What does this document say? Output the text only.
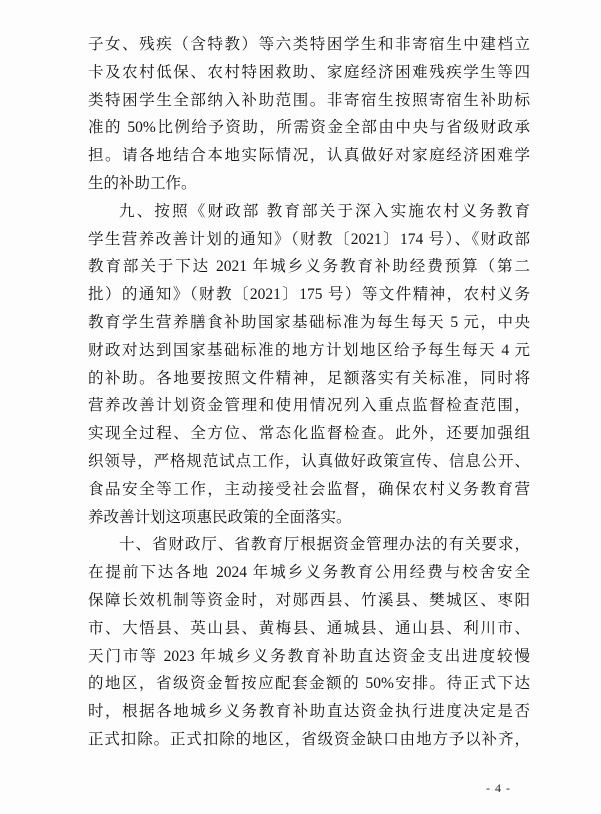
子女、残疾（含特教）等六类特困学生和非寄宿生中建档立
卡及农村低保、农村特困救助、家庭经济困难残疾学生等四
类特困学生全部纳入补助范围。非寄宿生按照寄宿生补助标
准的 50%比例给予资助，所需资金全部由中央与省级财政承
担。请各地结合本地实际情况，认真做好对家庭经济困难学
生的补助工作。
九、按照《财政部 教育部关于深入实施农村义务教育
学生营养改善计划的通知》（财教〔2021〕174 号）、《财政部
教育部关于下达 2021 年城乡义务教育补助经费预算（第二
批）的通知》（财教〔2021〕175 号）等文件精神，农村义务
教育学生营养膳食补助国家基础标准为每生每天 5 元，中央
财政对达到国家基础标准的地方计划地区给予每生每天 4 元
的补助。各地要按照文件精神，足额落实有关标准，同时将
营养改善计划资金管理和使用情况列入重点监督检查范围，
实现全过程、全方位、常态化监督检查。此外，还要加强组
织领导，严格规范试点工作，认真做好政策宣传、信息公开、
食品安全等工作，主动接受社会监督，确保农村义务教育营
养改善计划这项惠民政策的全面落实。
十、省财政厅、省教育厅根据资金管理办法的有关要求，
在提前下达各地 2024 年城乡义务教育公用经费与校舍安全
保障长效机制等资金时，对郧西县、竹溪县、樊城区、枣阳
市、大悟县、英山县、黄梅县、通城县、通山县、利川市、
天门市等 2023 年城乡义务教育补助直达资金支出进度较慢
的地区，省级资金暂按应配套金额的 50%安排。待正式下达
时，根据各地城乡义务教育补助直达资金执行进度决定是否
正式扣除。正式扣除的地区，省级资金缺口由地方予以补齐，
- 4 -
